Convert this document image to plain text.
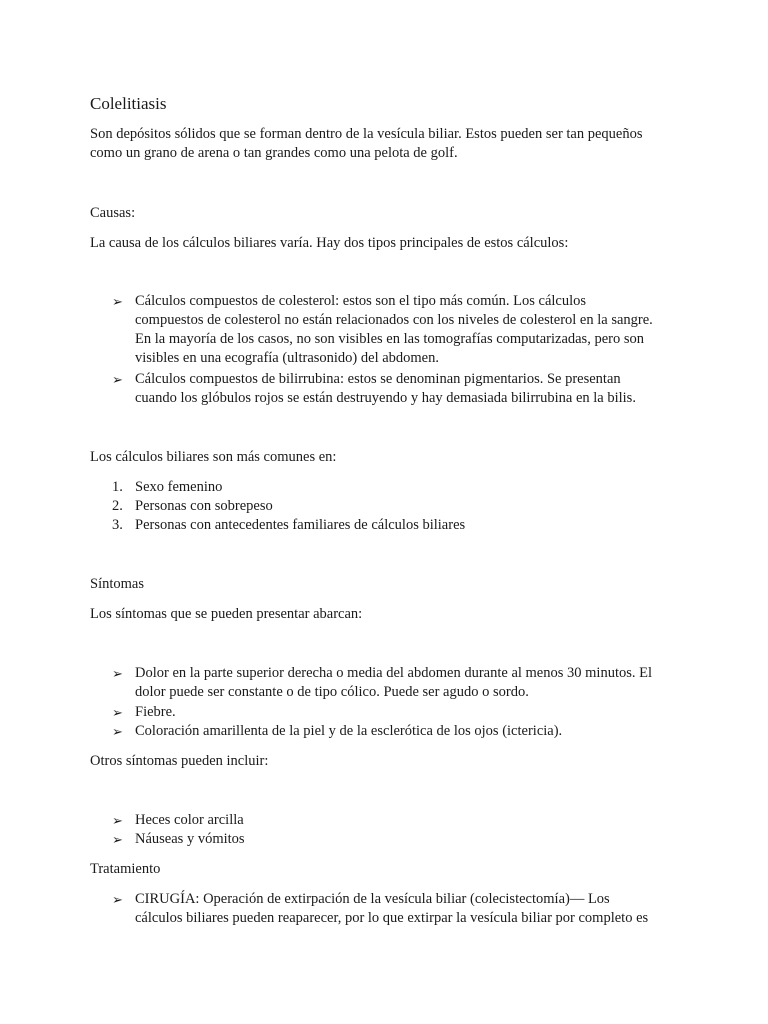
Colelitiasis
Son depósitos sólidos que se forman dentro de la vesícula biliar. Estos pueden ser tan pequeños
como un grano de arena o tan grandes como una pelota de golf.
Causas:
La causa de los cálculos biliares varía. Hay dos tipos principales de estos cálculos:
➢ Cálculos compuestos de colesterol: estos son el tipo más común. Los cálculos
compuestos de colesterol no están relacionados con los niveles de colesterol en la sangre.
En la mayoría de los casos, no son visibles en las tomografías computarizadas, pero son
visibles en una ecografía (ultrasonido) del abdomen.
➢ Cálculos compuestos de bilirrubina: estos se denominan pigmentarios. Se presentan
cuando los glóbulos rojos se están destruyendo y hay demasiada bilirrubina en la bilis.
Los cálculos biliares son más comunes en:
1. Sexo femenino
2. Personas con sobrepeso
3. Personas con antecedentes familiares de cálculos biliares
Síntomas
Los síntomas que se pueden presentar abarcan:
➢ Dolor en la parte superior derecha o media del abdomen durante al menos 30 minutos. El
dolor puede ser constante o de tipo cólico. Puede ser agudo o sordo.
➢ Fiebre.
➢ Coloración amarillenta de la piel y de la esclerótica de los ojos (ictericia).
Otros síntomas pueden incluir:
➢ Heces color arcilla
➢ Náuseas y vómitos
Tratamiento
➢ CIRUGÍA: Operación de extirpación de la vesícula biliar (colecistectomía)— Los
cálculos biliares pueden reaparecer, por lo que extirpar la vesícula biliar por completo es
